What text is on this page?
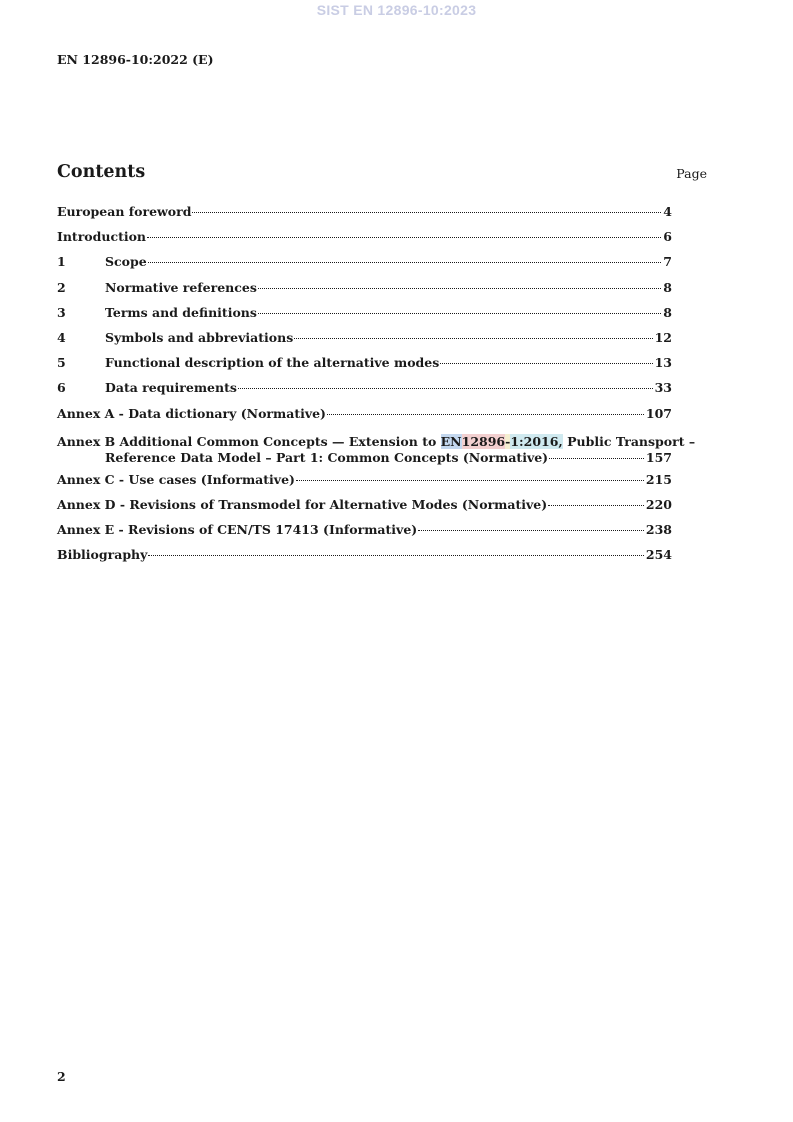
SIST EN 12896-10:2023
EN 12896-10:2022 (E)
Contents	Page
European foreword	4
Introduction	6
1	Scope	7
2	Normative references	8
3	Terms and definitions	8
4	Symbols and abbreviations	12
5	Functional description of the alternative modes	13
6	Data requirements	33
Annex A - Data dictionary (Normative)	107
Annex B Additional Common Concepts — Extension to EN12896-1:2016, Public Transport –
Reference Data Model – Part 1: Common Concepts (Normative)	157
Annex C - Use cases (Informative)	215
Annex D - Revisions of Transmodel for Alternative Modes (Normative)	220
Annex E - Revisions of CEN/TS 17413 (Informative)	238
Bibliography	254
2
